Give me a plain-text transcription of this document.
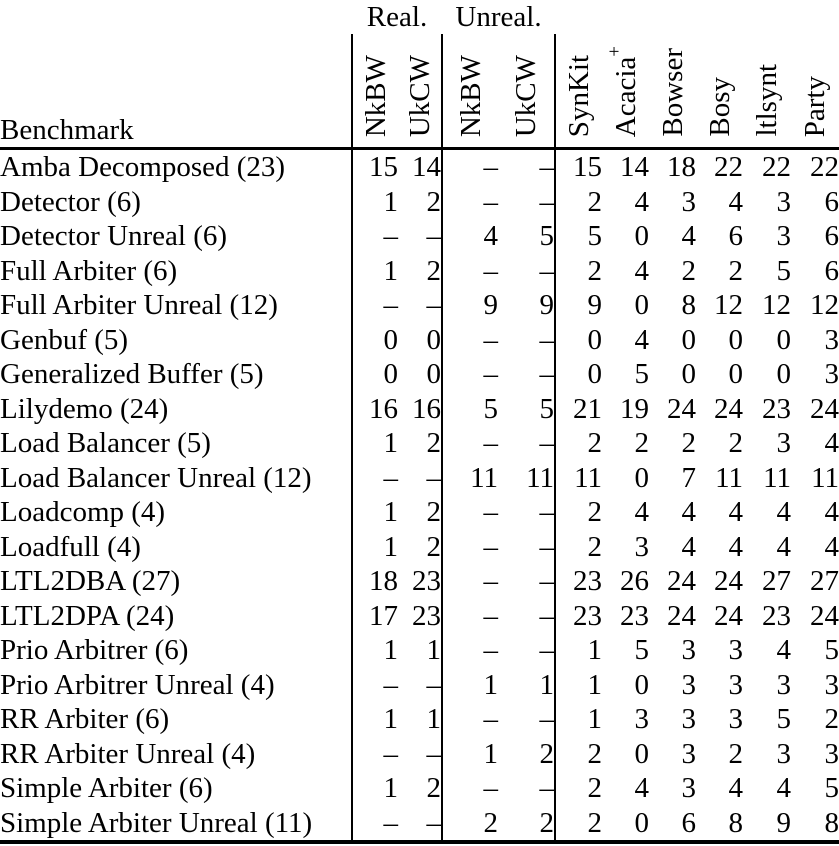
	Real.		Unreal.							
Benchmark	NkBW	UkCW	NkBW	UkCW	SynKit	Acacia+	Bowser	Bosy	ltlsynt	Party
Amba Decomposed (23)	15	14	–	–	15	14	18	22	22	22
Detector (6)	1	2	–	–	2	4	3	4	3	6
Detector Unreal (6)	–	–	4	5	5	0	4	6	3	6
Full Arbiter (6)	1	2	–	–	2	4	2	2	5	6
Full Arbiter Unreal (12)	–	–	9	9	9	0	8	12	12	12
Genbuf (5)	0	0	–	–	0	4	0	0	0	3
Generalized Buffer (5)	0	0	–	–	0	5	0	0	0	3
Lilydemo (24)	16	16	5	5	21	19	24	24	23	24
Load Balancer (5)	1	2	–	–	2	2	2	2	3	4
Load Balancer Unreal (12)	–	–	11	11	11	0	7	11	11	11
Loadcomp (4)	1	2	–	–	2	4	4	4	4	4
Loadfull (4)	1	2	–	–	2	3	4	4	4	4
LTL2DBA (27)	18	23	–	–	23	26	24	24	27	27
LTL2DPA (24)	17	23	–	–	23	23	24	24	23	24
Prio Arbitrer (6)	1	1	–	–	1	5	3	3	4	5
Prio Arbitrer Unreal (4)	–	–	1	1	1	0	3	3	3	3
RR Arbiter (6)	1	1	–	–	1	3	3	3	5	2
RR Arbiter Unreal (4)	–	–	1	2	2	0	3	2	3	3
Simple Arbiter (6)	1	2	–	–	2	4	3	4	4	5
Simple Arbiter Unreal (11)	–	–	2	2	2	0	6	8	9	8
